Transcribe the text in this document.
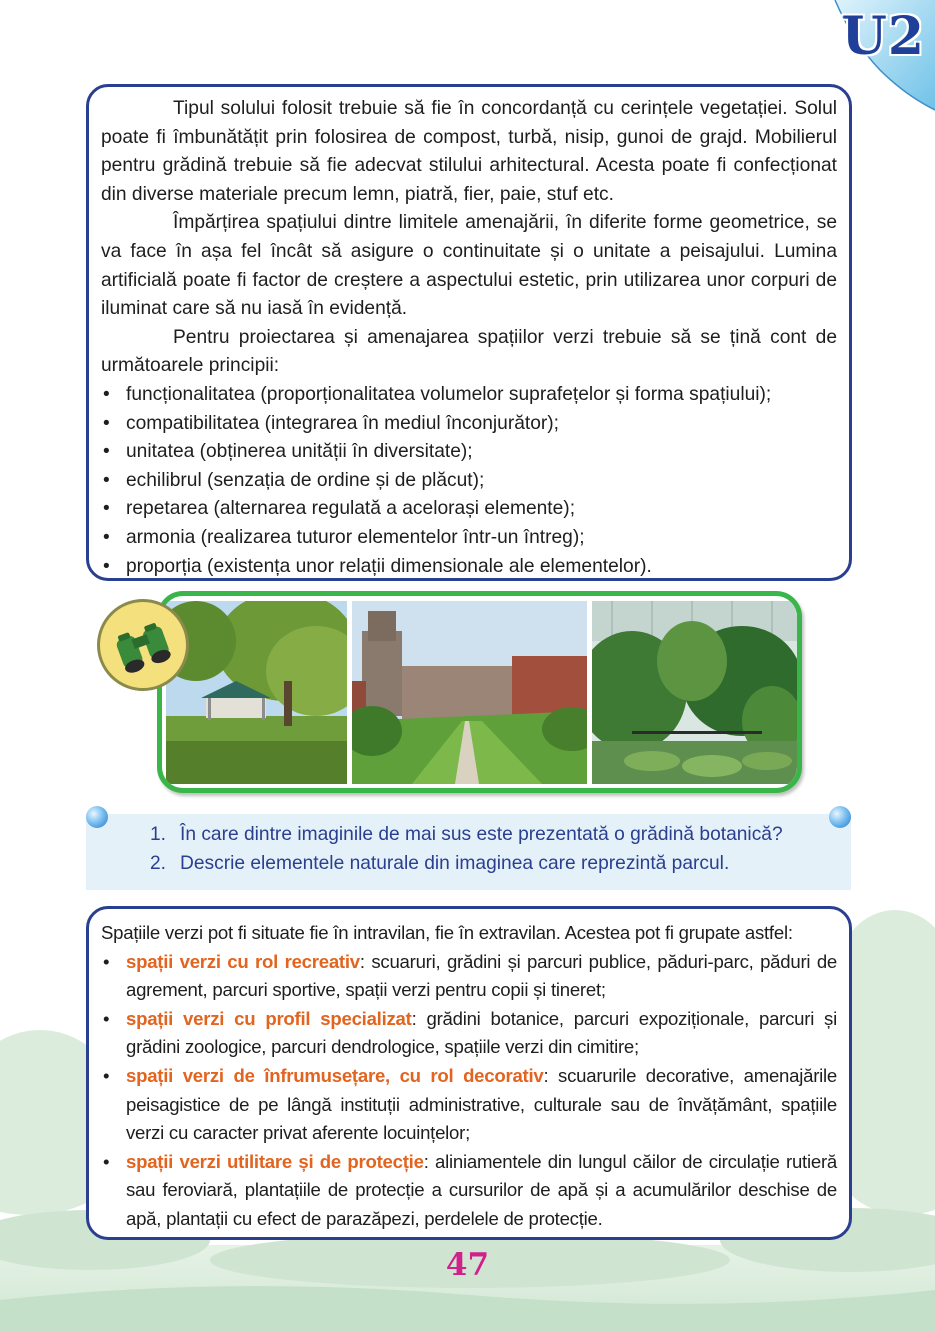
U2

Tipul solului folosit trebuie să fie în concordanță cu cerințele vegetației. Solul poate fi îmbunătățit prin folosirea de compost, turbă, nisip, gunoi de grajd. Mobilierul pentru grădină trebuie să fie adecvat stilului arhitectural. Acesta poate fi confecționat din diverse materiale precum lemn, piatră, fier, paie, stuf etc.

Împărțirea spațiului dintre limitele amenajării, în diferite forme geometrice, se va face în așa fel încât să asigure o continuitate și o unitate a peisajului. Lumina artificială poate fi factor de creștere a aspectului estetic, prin utilizarea unor corpuri de iluminat care să nu iasă în evidență.

Pentru proiectarea și amenajarea spațiilor verzi trebuie să se țină cont de următoarele principii:

• funcționalitatea (proporționalitatea volumelor suprafețelor și forma spațiului);
• compatibilitatea (integrarea în mediul înconjurător);
• unitatea (obținerea unității în diversitate);
• echilibrul (senzația de ordine și de plăcut);
• repetarea (alternarea regulată a acelorași elemente);
• armonia (realizarea tuturor elementelor într-un întreg);
• proporția (existența unor relații dimensionale ale elementelor).
1. În care dintre imaginile de mai sus este prezentată o grădină botanică?
2. Descrie elementele naturale din imaginea care reprezintă parcul.
Spațiile verzi pot fi situate fie în intravilan, fie în extravilan. Acestea pot fi grupate astfel:
• spații verzi cu rol recreativ: scuaruri, grădini și parcuri publice, păduri-parc, păduri de agrement, parcuri sportive, spații verzi pentru copii și tineret;
• spații verzi cu profil specializat: grădini botanice, parcuri expoziționale, parcuri și grădini zoologice, parcuri dendrologice, spațiile verzi din cimitire;
• spații verzi de înfrumusețare, cu rol decorativ: scuarurile decorative, amenajările peisagistice de pe lângă instituții administrative, culturale sau de învățământ, spațiile verzi cu caracter privat aferente locuințelor;
• spații verzi utilitare și de protecție: aliniamentele din lungul căilor de circulație rutieră sau feroviară, plantațiile de protecție a cursurilor de apă și a acumulărilor deschise de apă, plantații cu efect de parazăpezi, perdelele de protecție.
47
